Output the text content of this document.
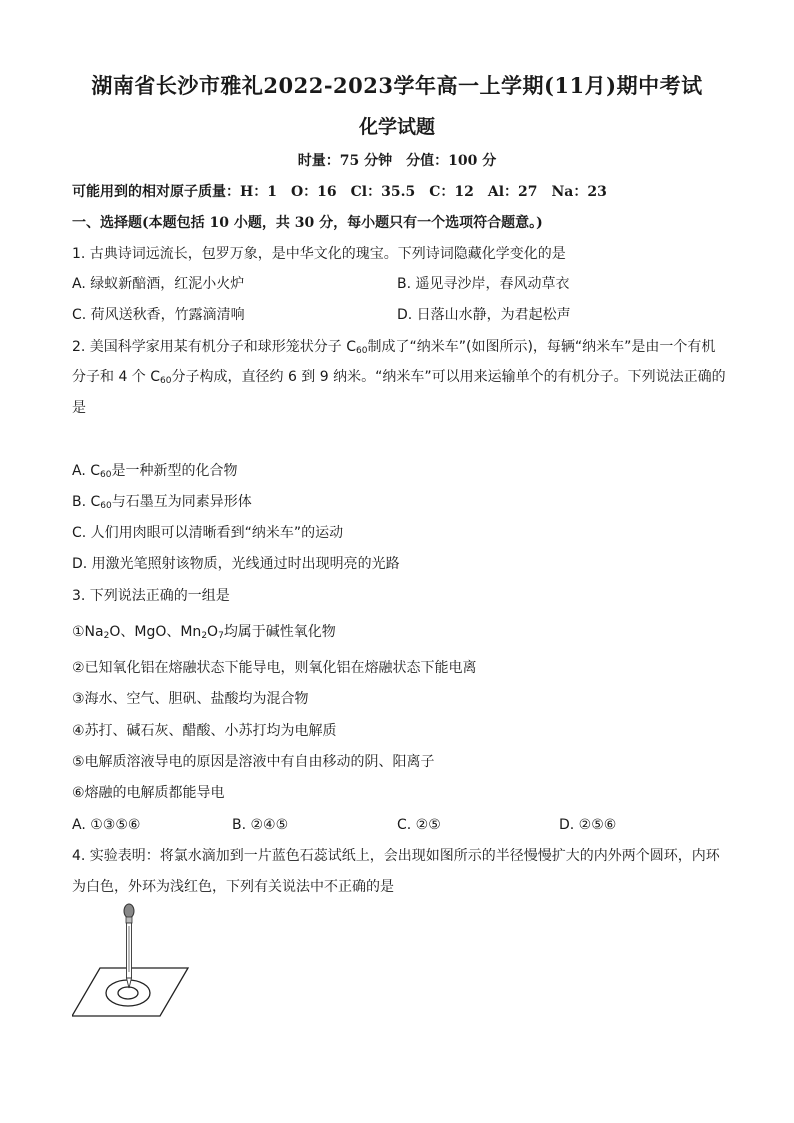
湖南省长沙市雅礼2022-2023学年高一上学期(11月)期中考试
化学试题
时量：75 分钟　分值：100 分
可能用到的相对原子质量：H：1　O：16　Cl：35.5　C：12　Al：27　Na：23
一、选择题(本题包括 10 小题，共 30 分，每小题只有一个选项符合题意。)
1. 古典诗词远流长，包罗万象，是中华文化的瑰宝。下列诗词隐藏化学变化的是
A. 绿蚁新醅酒，红泥小火炉	B. 遥见寻沙岸，春风动草衣
C. 荷风送秋香，竹露滴清响	D. 日落山水静，为君起松声
2. 美国科学家用某有机分子和球形笼状分子 $C_{60}$制成了“纳米车”(如图所示)，每辆“纳米车”是由一个有机
分子和 4 个 $C_{60}$分子构成，直径约 6 到 9 纳米。“纳米车”可以用来运输单个的有机分子。下列说法正确的
是
A. $C_{60}$是一种新型的化合物
B. $C_{60}$与石墨互为同素异形体
C. 人们用肉眼可以清晰看到“纳米车”的运动
D. 用激光笔照射该物质，光线通过时出现明亮的光路
3. 下列说法正确的一组是
$①Na_2O$、MgO、$Mn_2O_7$均属于碱性氧化物
②已知氧化铝在熔融状态下能导电，则氧化铝在熔融状态下能电离
③海水、空气、胆矾、盐酸均为混合物
④苏打、碱石灰、醋酸、小苏打均为电解质
⑤电解质溶液导电的原因是溶液中有自由移动的阴、阳离子
⑥熔融的电解质都能导电
A. ①③⑤⑥	B. ②④⑤	C. ②⑤	D. ②⑤⑥
4. 实验表明：将氯水滴加到一片蓝色石蕊试纸上，会出现如图所示的半径慢慢扩大的内外两个圆环，内环
为白色，外环为浅红色，下列有关说法中不正确的是
